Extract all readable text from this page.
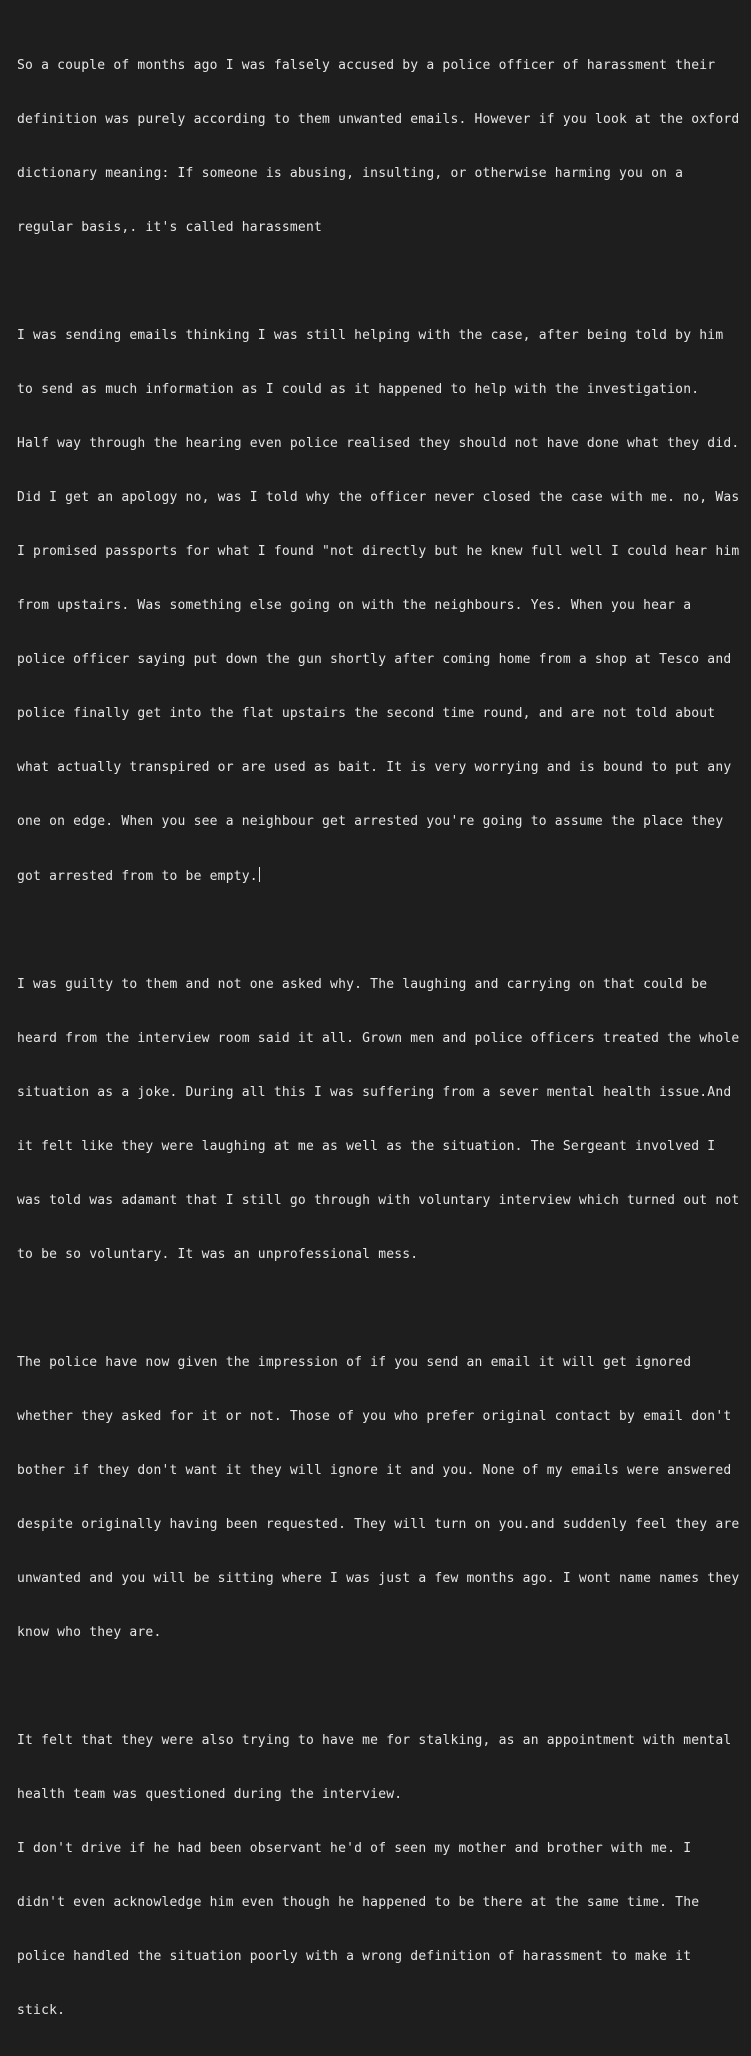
So a couple of months ago I was falsely accused by a police officer of harassment their

definition was purely according to them unwanted emails. However if you look at the oxford

dictionary meaning: If someone is abusing, insulting, or otherwise harming you on a

regular basis,. it's called harassment

I was sending emails thinking I was still helping with the case, after being told by him

to send as much information as I could as it happened to help with the investigation.

Half way through the hearing even police realised they should not have done what they did.

Did I get an apology no, was I told why the officer never closed the case with me. no, Was

I promised passports for what I found "not directly but he knew full well I could hear him

from upstairs. Was something else going on with the neighbours. Yes. When you hear a

police officer saying put down the gun shortly after coming home from a shop at Tesco and

police finally get into the flat upstairs the second time round, and are not told about

what actually transpired or are used as bait. It is very worrying and is bound to put any

one on edge. When you see a neighbour get arrested you're going to assume the place they

got arrested from to be empty.

I was guilty to them and not one asked why. The laughing and carrying on that could be

heard from the interview room said it all. Grown men and police officers treated the whole

situation as a joke. During all this I was suffering from a sever mental health issue.And

it felt like they were laughing at me as well as the situation. The Sergeant involved I

was told was adamant that I still go through with voluntary interview which turned out not

to be so voluntary. It was an unprofessional mess.

The police have now given the impression of if you send an email it will get ignored

whether they asked for it or not. Those of you who prefer original contact by email don't

bother if they don't want it they will ignore it and you. None of my emails were answered

despite originally having been requested. They will turn on you.and suddenly feel they are

unwanted and you will be sitting where I was just a few months ago. I wont name names they

know who they are.

It felt that they were also trying to have me for stalking, as an appointment with mental

health team was questioned during the interview.

I don't drive if he had been observant he'd of seen my mother and brother with me. I

didn't even acknowledge him even though he happened to be there at the same time. The

police handled the situation poorly with a wrong definition of harassment to make it

stick.
